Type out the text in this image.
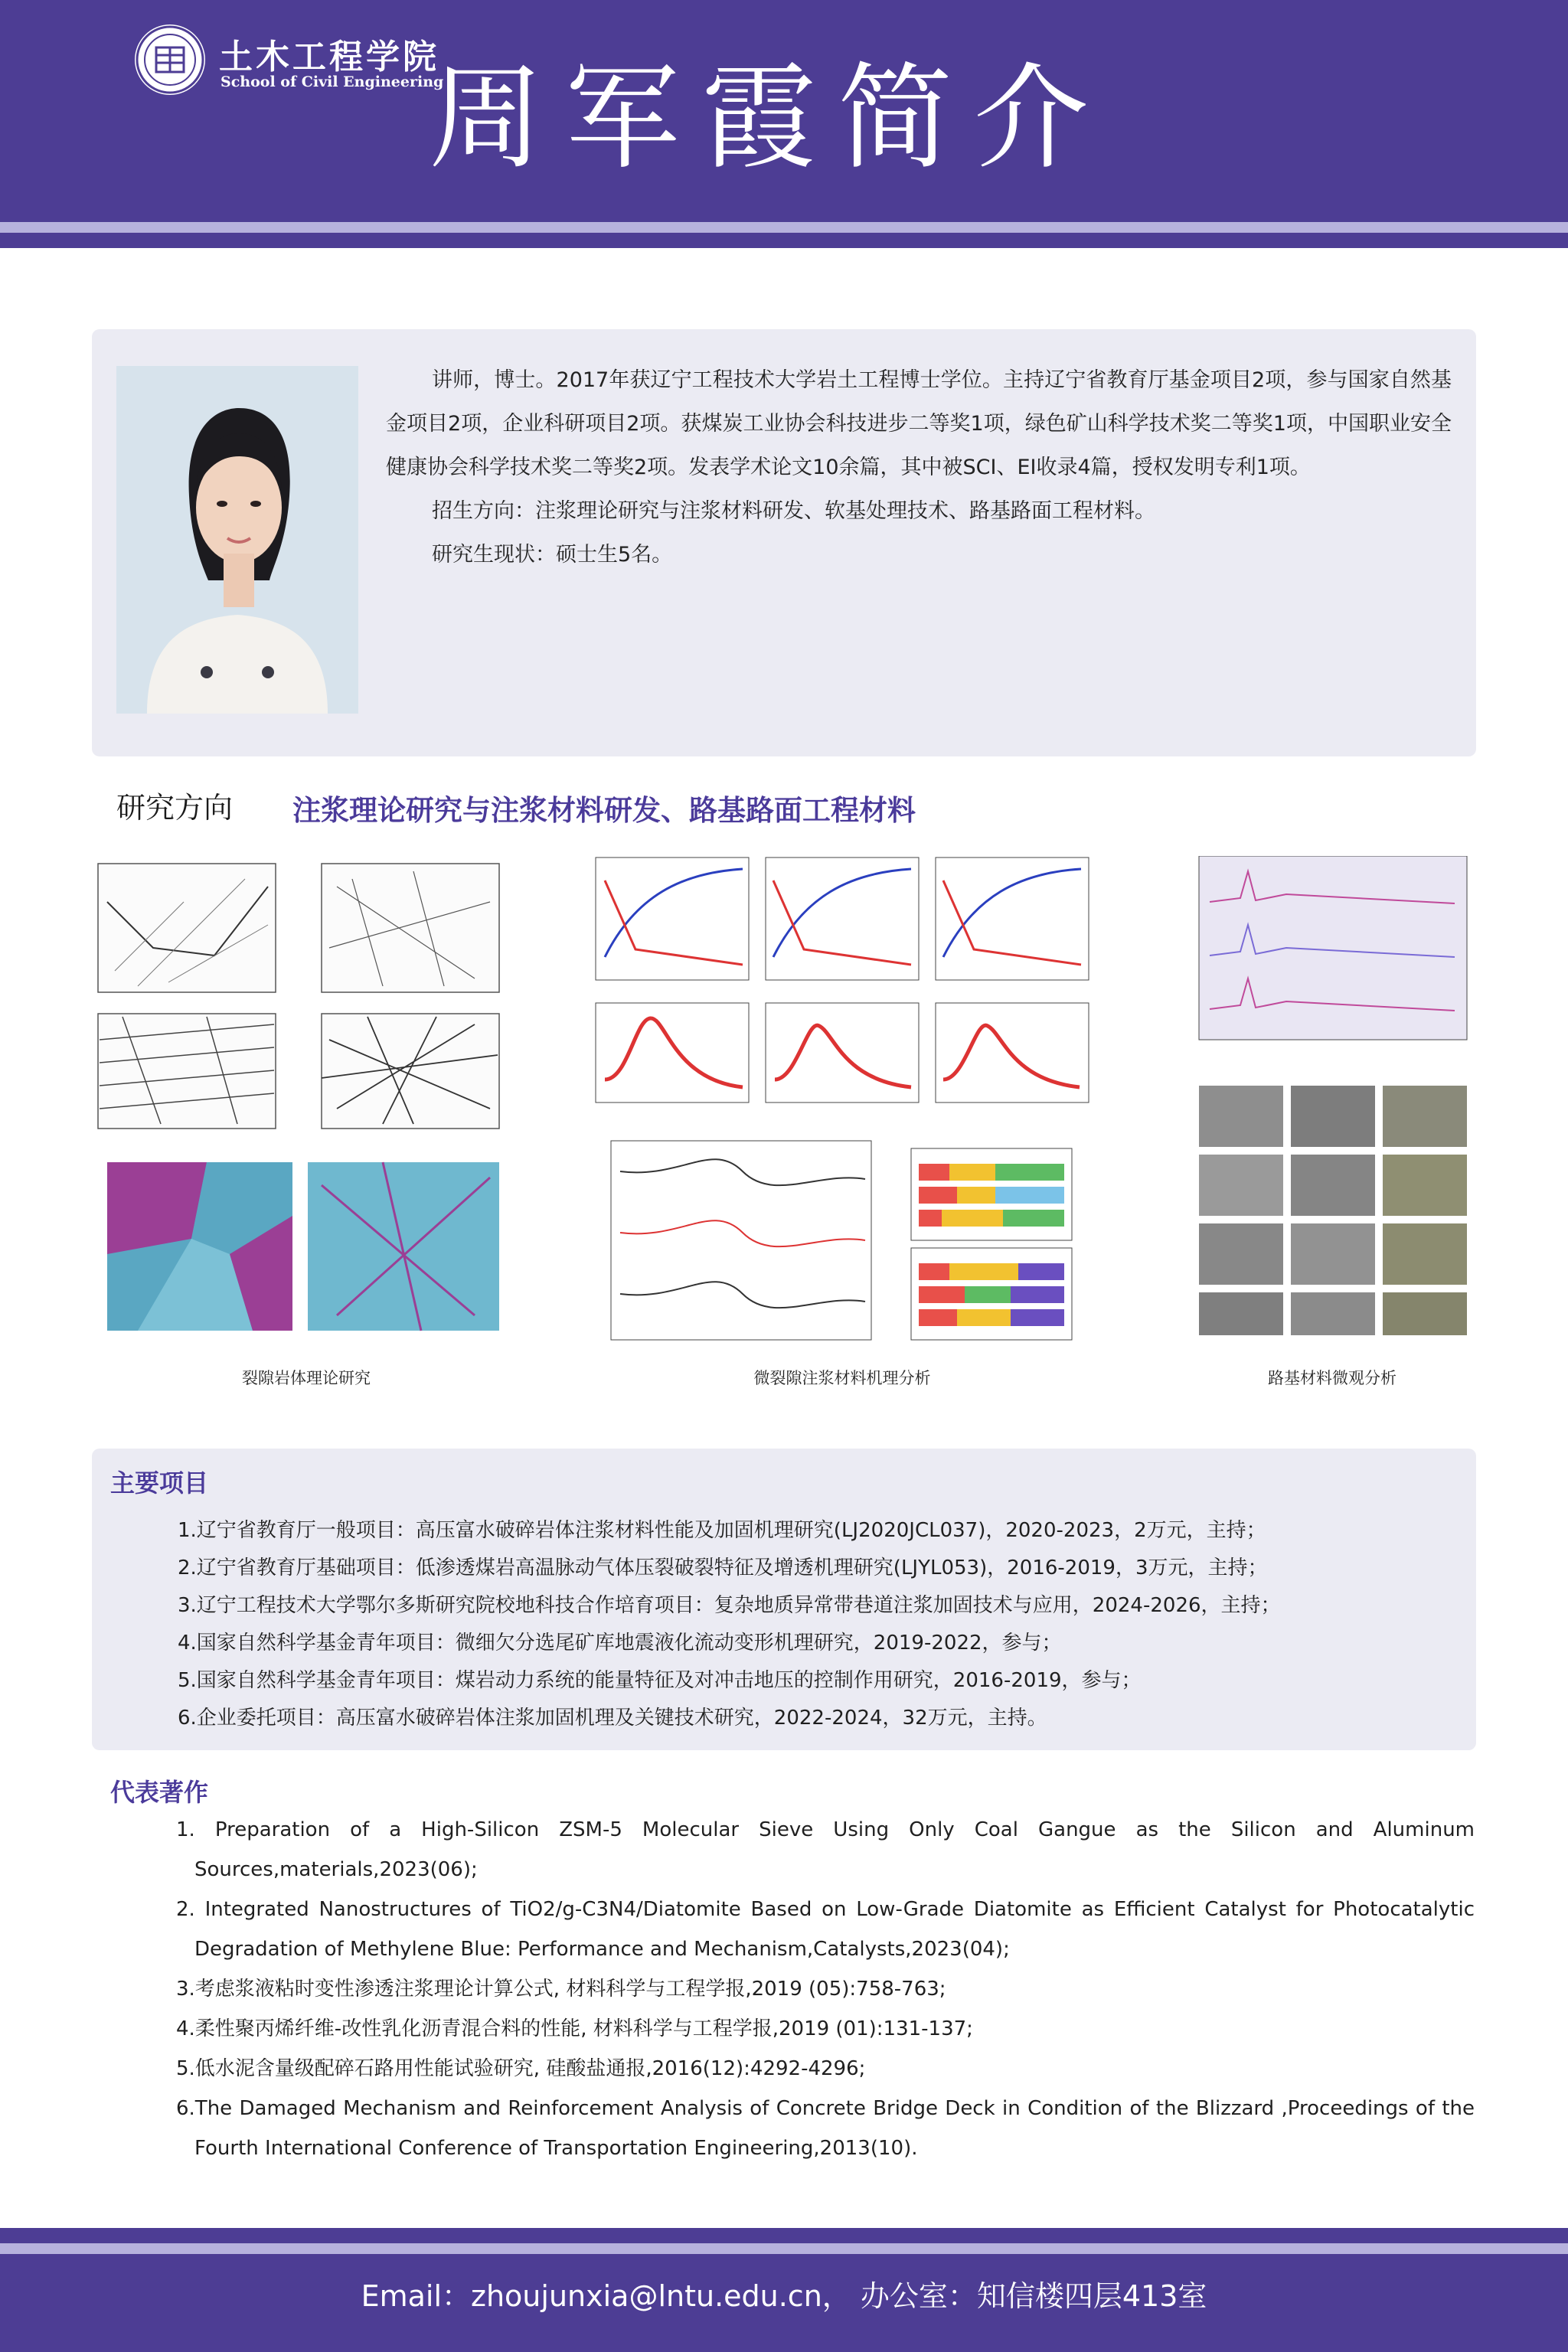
土木工程学院
School of Civil Engineering
周军霞简介

讲师，博士。2017年获辽宁工程技术大学岩土工程博士学位。主持辽宁省教育厅基金项目2项，参与国家自然基金项目2项，企业科研项目2项。获煤炭工业协会科技进步二等奖1项，绿色矿山科学技术奖二等奖1项，中国职业安全健康协会科学技术奖二等奖2项。发表学术论文10余篇，其中被SCI、EI收录4篇，授权发明专利1项。

招生方向：注浆理论研究与注浆材料研发、软基处理技术、路基路面工程材料。

研究生现状：硕士生5名。

研究方向 注浆理论研究与注浆材料研发、路基路面工程材料
裂隙岩体理论研究	微裂隙注浆材料机理分析	路基材料微观分析
主要项目
1.辽宁省教育厅一般项目：高压富水破碎岩体注浆材料性能及加固机理研究(LJ2020JCL037)，2020-2023，2万元，主持；
2.辽宁省教育厅基础项目：低渗透煤岩高温脉动气体压裂破裂特征及增透机理研究(LJYL053)，2016-2019，3万元，主持；
3.辽宁工程技术大学鄂尔多斯研究院校地科技合作培育项目：复杂地质异常带巷道注浆加固技术与应用，2024-2026，主持；
4.国家自然科学基金青年项目：微细欠分选尾矿库地震液化流动变形机理研究，2019-2022，参与；
5.国家自然科学基金青年项目：煤岩动力系统的能量特征及对冲击地压的控制作用研究，2016-2019，参与；
6.企业委托项目：高压富水破碎岩体注浆加固机理及关键技术研究，2022-2024，32万元，主持。
代表著作

1. Preparation of a High-Silicon ZSM-5 Molecular Sieve Using Only Coal Gangue as the Silicon and Aluminum

Sources,materials,2023(06);

2. Integrated Nanostructures of TiO2/g-C3N4/Diatomite Based on Low-Grade Diatomite as Efficient Catalyst for Photocatalytic

Degradation of Methylene Blue: Performance and Mechanism,Catalysts,2023(04);

3.考虑浆液粘时变性渗透注浆理论计算公式, 材料科学与工程学报,2019 (05):758-763;

4.柔性聚丙烯纤维-改性乳化沥青混合料的性能, 材料科学与工程学报,2019 (01):131-137;

5.低水泥含量级配碎石路用性能试验研究, 硅酸盐通报,2016(12):4292-4296;

6.The Damaged Mechanism and Reinforcement Analysis of Concrete Bridge Deck in Condition of the Blizzard ,Proceedings of the

Fourth International Conference of Transportation Engineering,2013(10).

Email：zhoujunxia@lntu.edu.cn， 办公室：知信楼四层413室
